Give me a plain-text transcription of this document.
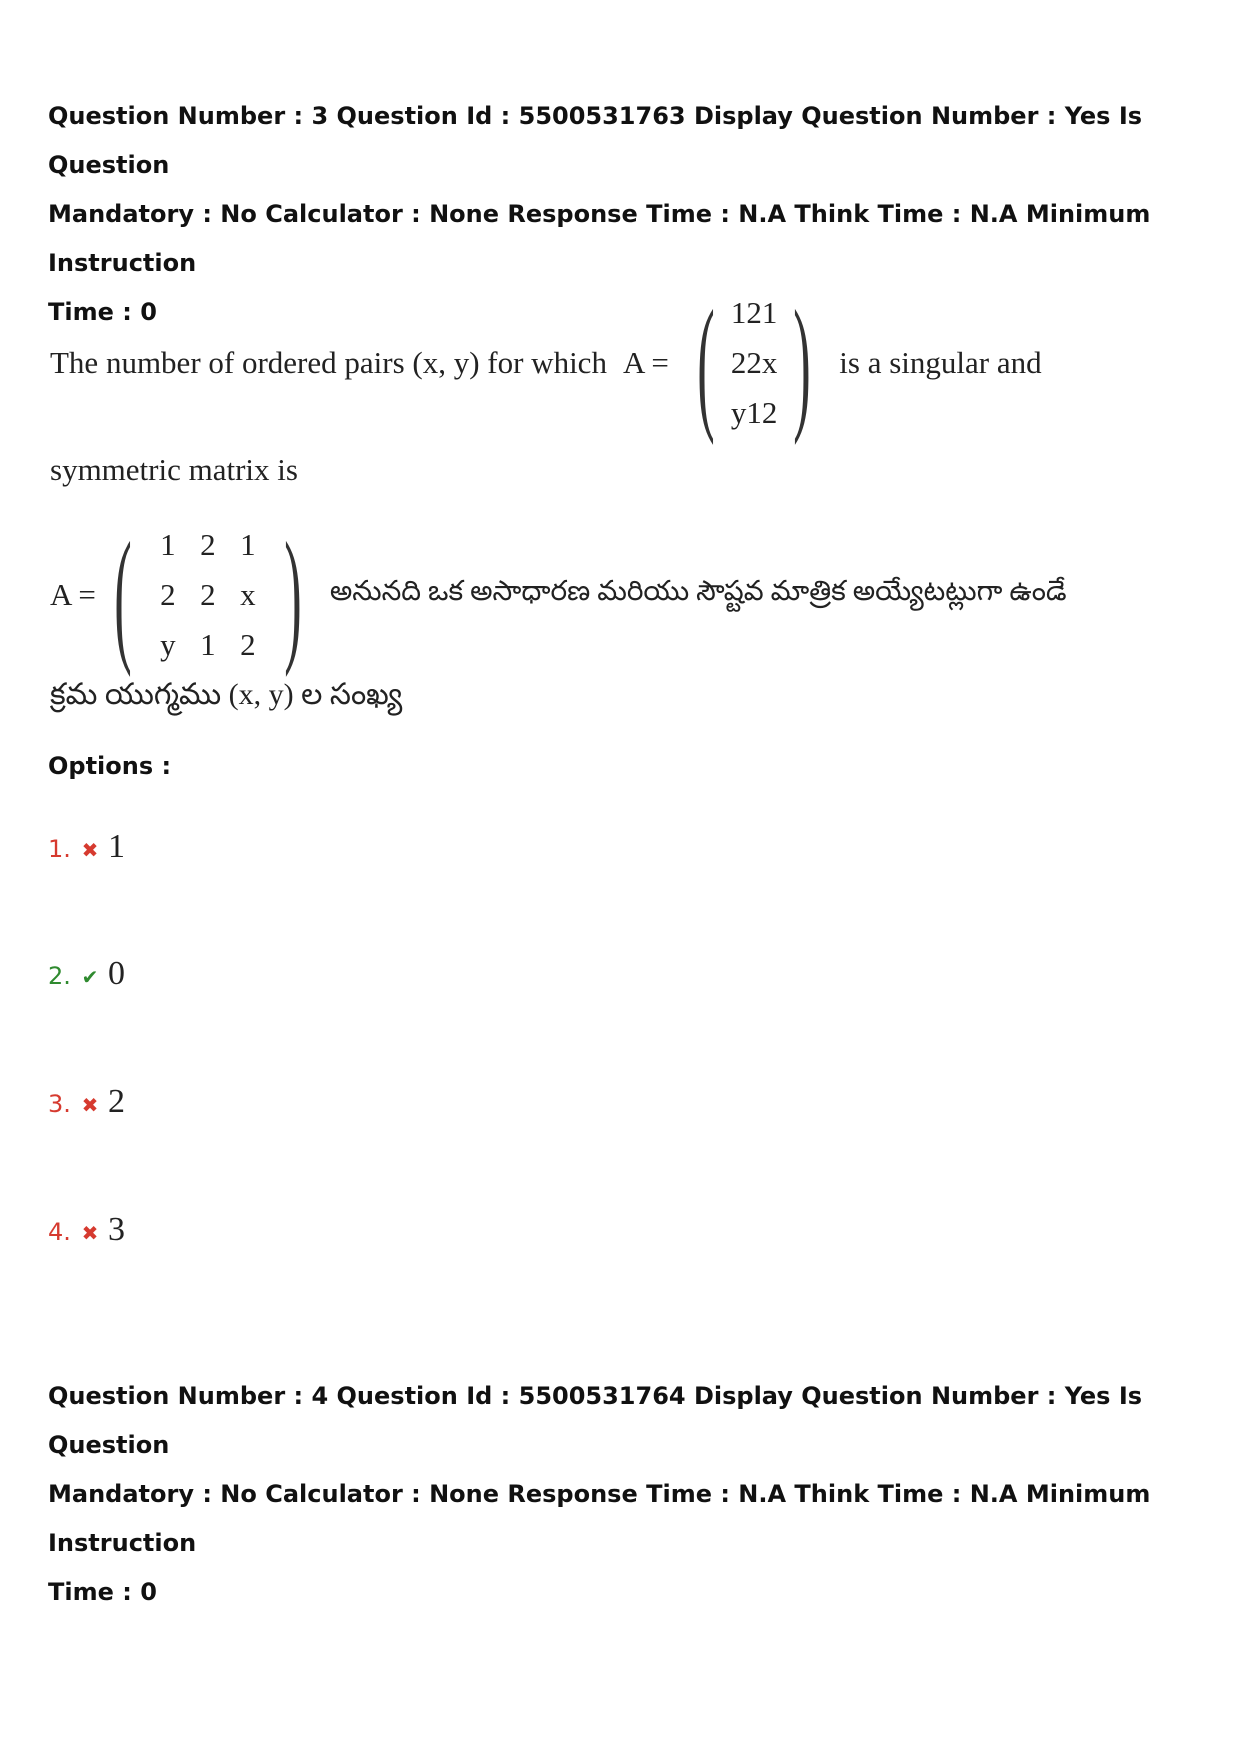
Question Number : 3 Question Id : 5500531763 Display Question Number : Yes Is Question

Mandatory : No Calculator : None Response Time : N.A Think Time : N.A Minimum Instruction

Time : 0

The number of ordered pairs (x, y) for which A = ( 1	2	1
2	2	x
y	1	2 ) is a singular and
symmetric matrix is
A = ( 1	2	1
2	2	x
y	1	2 ) అనునది ఒక అసాధారణ మరియు సౌష్టవ మాత్రిక అయ్యేటట్లుగా ఉండే
క్రమ యుగ్మము (x, y) ల సంఖ్య
Options :
1. ✖ 1
2. ✔ 0
3. ✖ 2
4. ✖ 3

Question Number : 4 Question Id : 5500531764 Display Question Number : Yes Is Question

Mandatory : No Calculator : None Response Time : N.A Think Time : N.A Minimum Instruction

Time : 0
